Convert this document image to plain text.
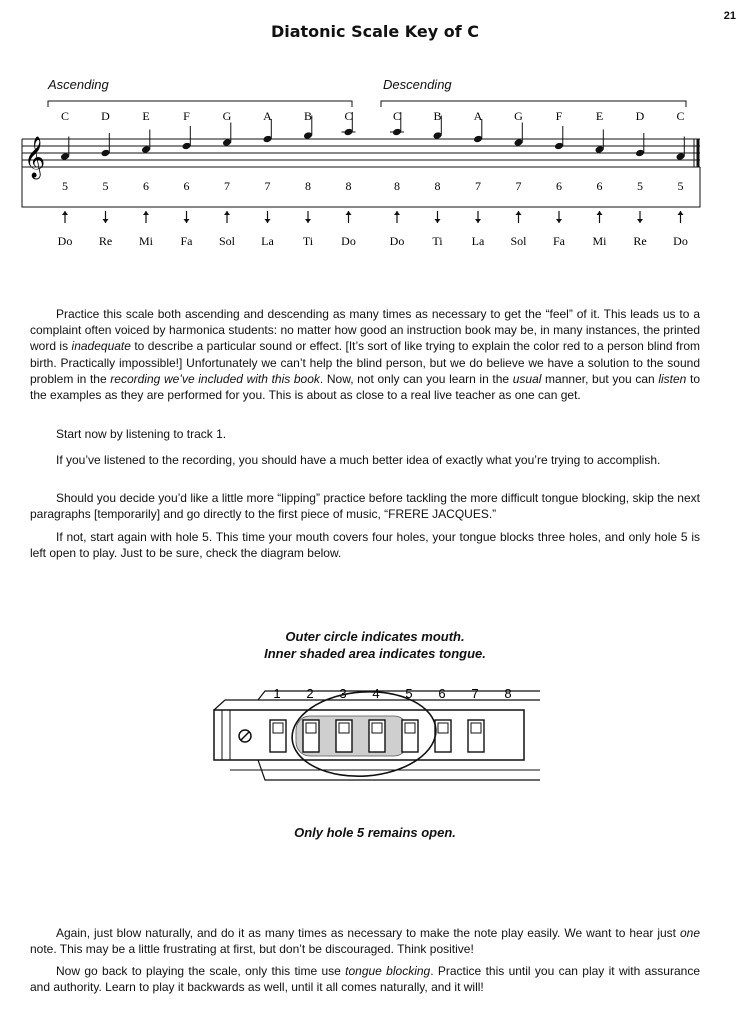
21
Diatonic Scale Key of C
Ascending	Descending
C	D	E	F	G	A	B	C	C	B	A	G	F	E	D	C
𝄞
5	5	6	6	7	7	8	8	8	8	7	7	6	6	5	5
Do Re Mi Fa Sol La Ti Do	Do Ti La Sol Fa Mi Re Do

Practice this scale both ascending and descending as many times as necessary to get the “feel” of it. This leads us to a complaint often voiced by harmonica students: no matter how good an instruction book may be, in many instances, the printed word is inadequate to describe a particular sound or effect. [It’s sort of like trying to explain the color red to a person blind from birth. Practically impossible!] Unfortunately we can’t help the blind person, but we do believe we have a solution to the sound problem in the recording we’ve included with this book. Now, not only can you learn in the usual manner, but you can listen to the examples as they are performed for you. This is about as close to a real live teacher as one can get.

Start now by listening to track 1.

If you’ve listened to the recording, you should have a much better idea of exactly what you’re trying to accomplish.

Should you decide you’d like a little more “lipping” practice before tackling the more difficult tongue blocking, skip the next paragraphs [temporarily] and go directly to the first piece of music, “FRERE JACQUES.”

If not, start again with hole 5. This time your mouth covers four holes, your tongue blocks three holes, and only hole 5 is left open to play. Just to be sure, check the diagram below.

Outer circle indicates mouth.
Inner shaded area indicates tongue.
1 2 3 4 5 6 7 8
Only hole 5 remains open.

Again, just blow naturally, and do it as many times as necessary to make the note play easily. We want to hear just one note. This may be a little frustrating at first, but don’t be discouraged. Think positive!

Now go back to playing the scale, only this time use tongue blocking. Practice this until you can play it with assurance and authority. Learn to play it backwards as well, until it all comes naturally, and it will!
